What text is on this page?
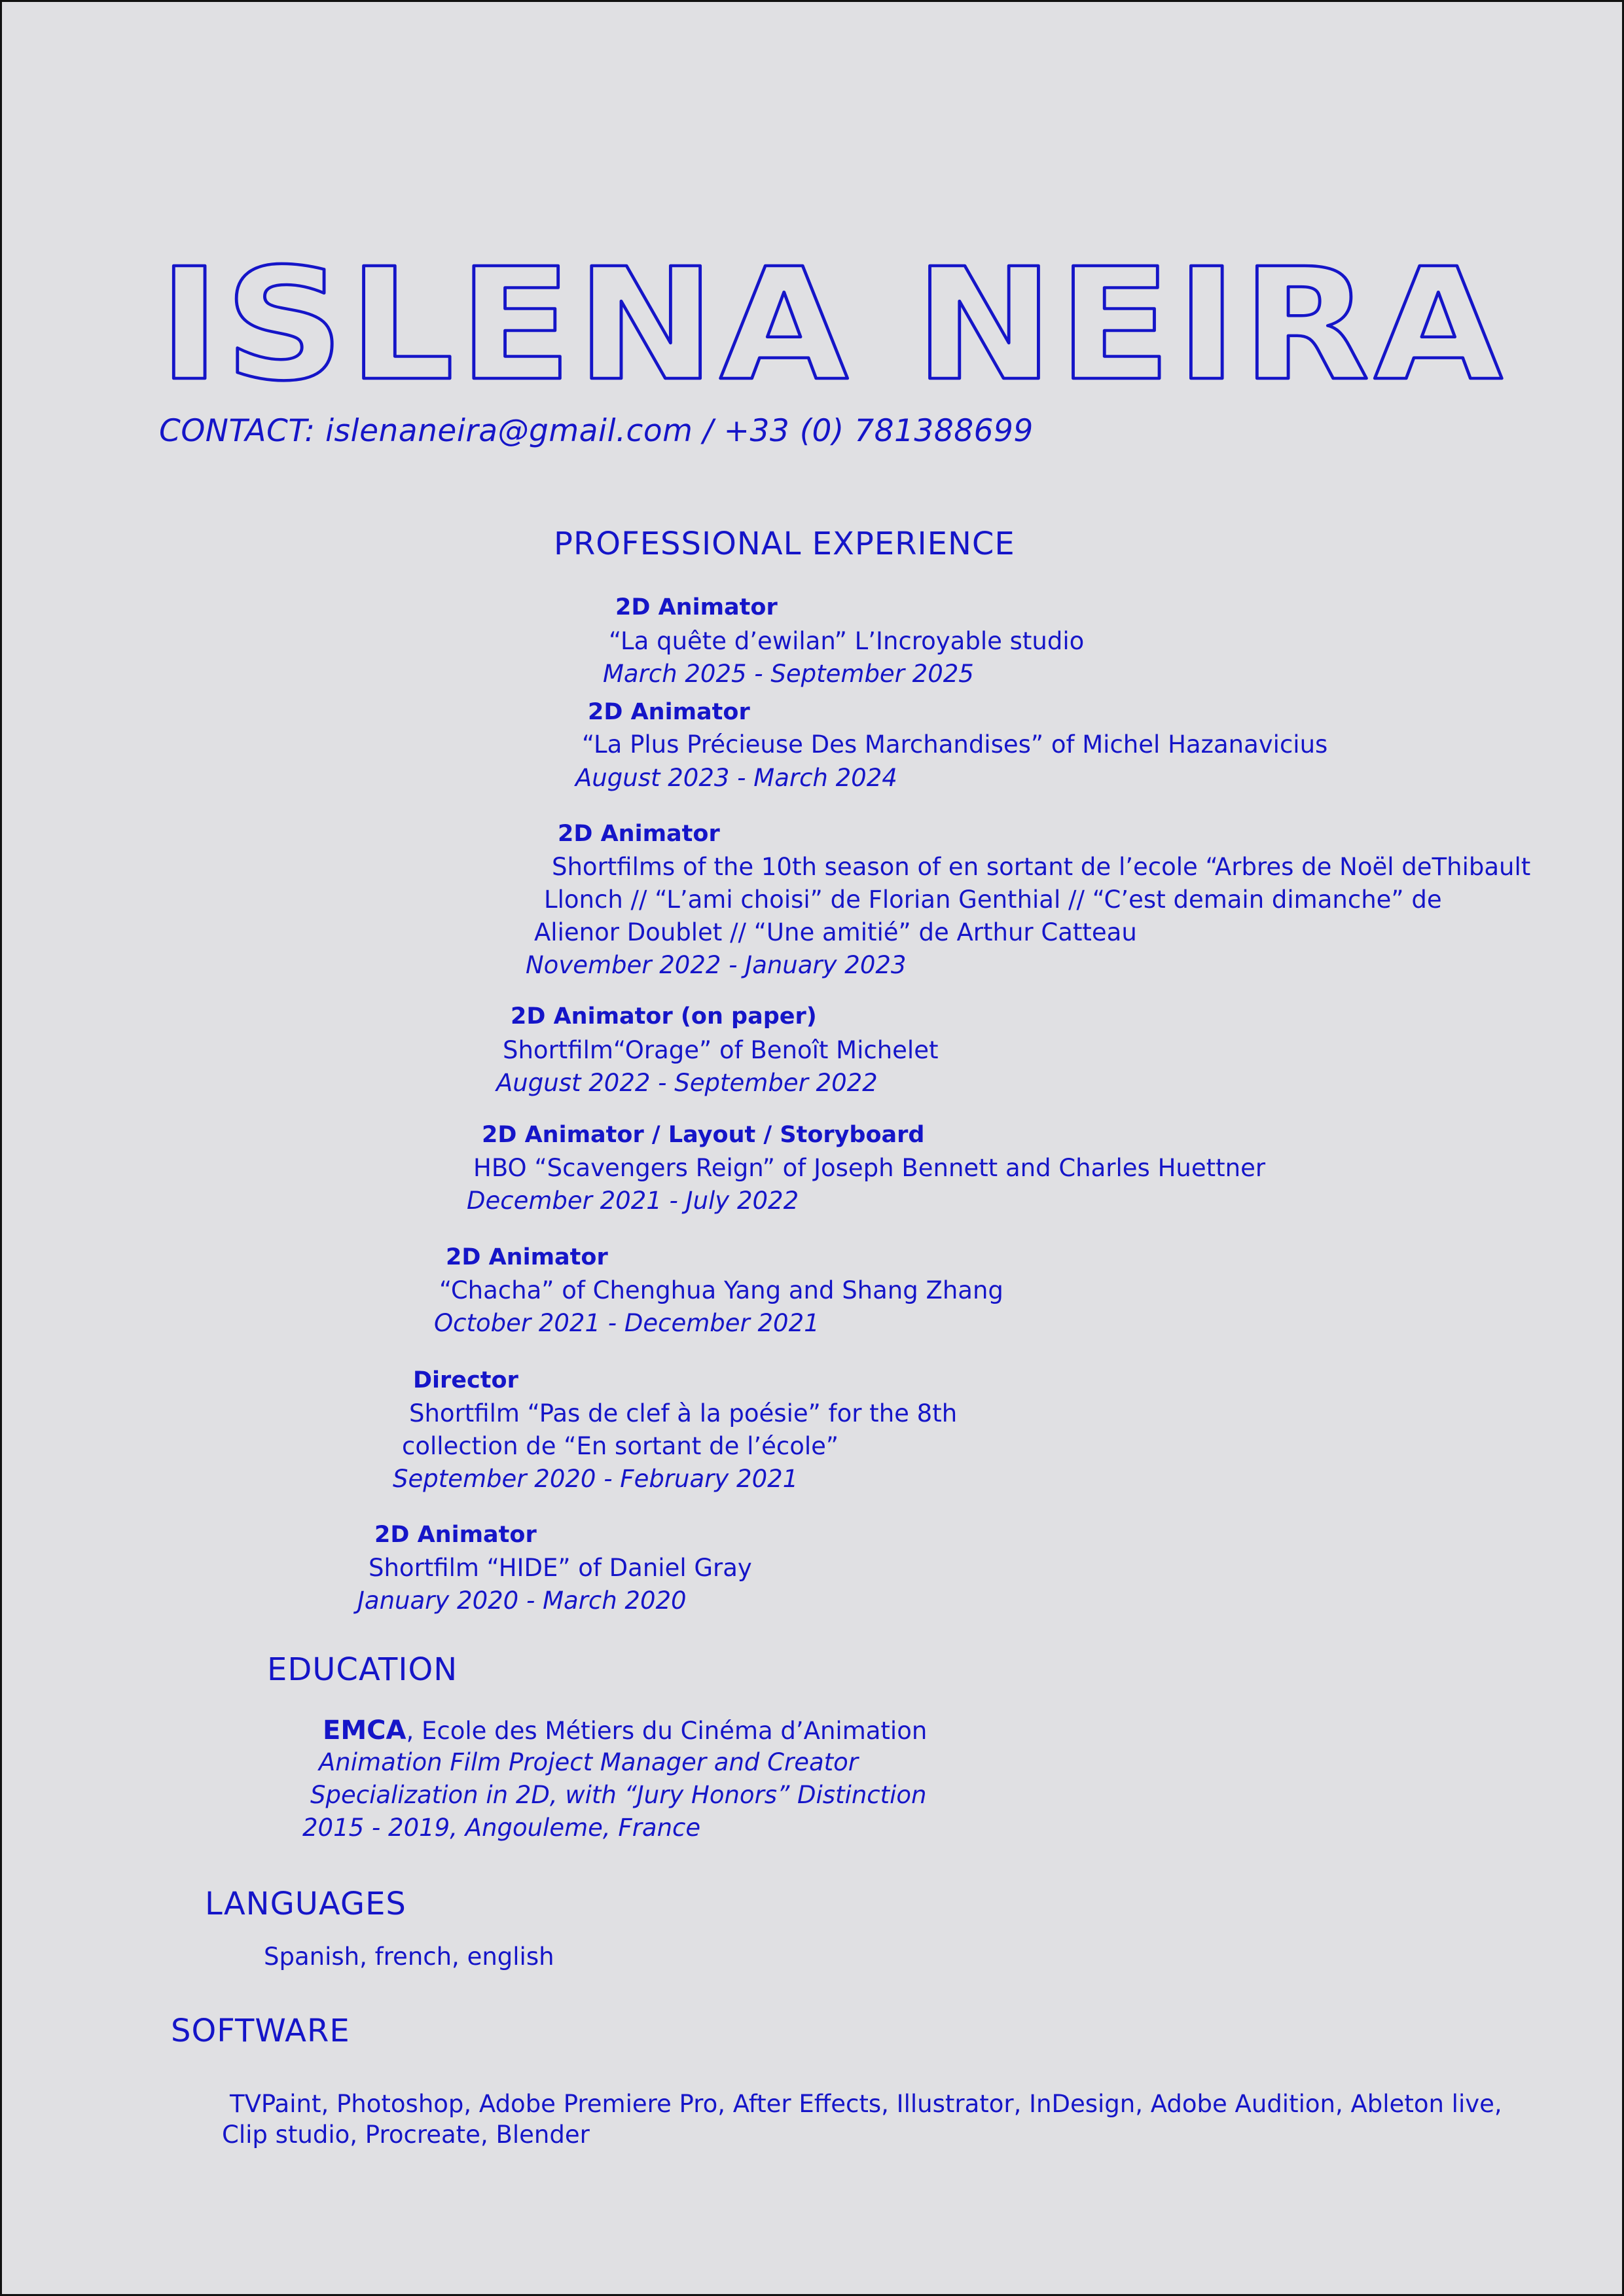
ISLENA NEIRA
CONTACT: islenaneira@gmail.com / +33 (0) 781388699
PROFESSIONAL EXPERIENCE
2D Animator
“La quête d’ewilan” L’Incroyable studio
March 2025 - September 2025
2D Animator
“La Plus Précieuse Des Marchandises” of Michel Hazanavicius
August 2023 - March 2024
2D Animator
Shortfilms of the 10th season of en sortant de l’ecole “Arbres de Noël deThibault
Llonch // “L’ami choisi” de Florian Genthial // “C’est demain dimanche” de
Alienor Doublet // “Une amitié” de Arthur Catteau
November 2022 - January 2023
2D Animator (on paper)
Shortfilm“Orage” of Benoît Michelet
August 2022 - September 2022
2D Animator / Layout / Storyboard
HBO “Scavengers Reign” of Joseph Bennett and Charles Huettner
December 2021 - July 2022
2D Animator
“Chacha” of Chenghua Yang and Shang Zhang
October 2021 - December 2021
Director
Shortfilm “Pas de clef à la poésie” for the 8th
collection de “En sortant de l’école”
September 2020 - February 2021
2D Animator
Shortfilm “HIDE” of Daniel Gray
January 2020 - March 2020
EDUCATION
EMCA, Ecole des Métiers du Cinéma d’Animation
Animation Film Project Manager and Creator
Specialization in 2D, with “Jury Honors” Distinction
2015 - 2019, Angouleme, France
LANGUAGES
Spanish, french, english
SOFTWARE
TVPaint, Photoshop, Adobe Premiere Pro, After Effects, Illustrator, InDesign, Adobe Audition, Ableton live,
Clip studio, Procreate, Blender
